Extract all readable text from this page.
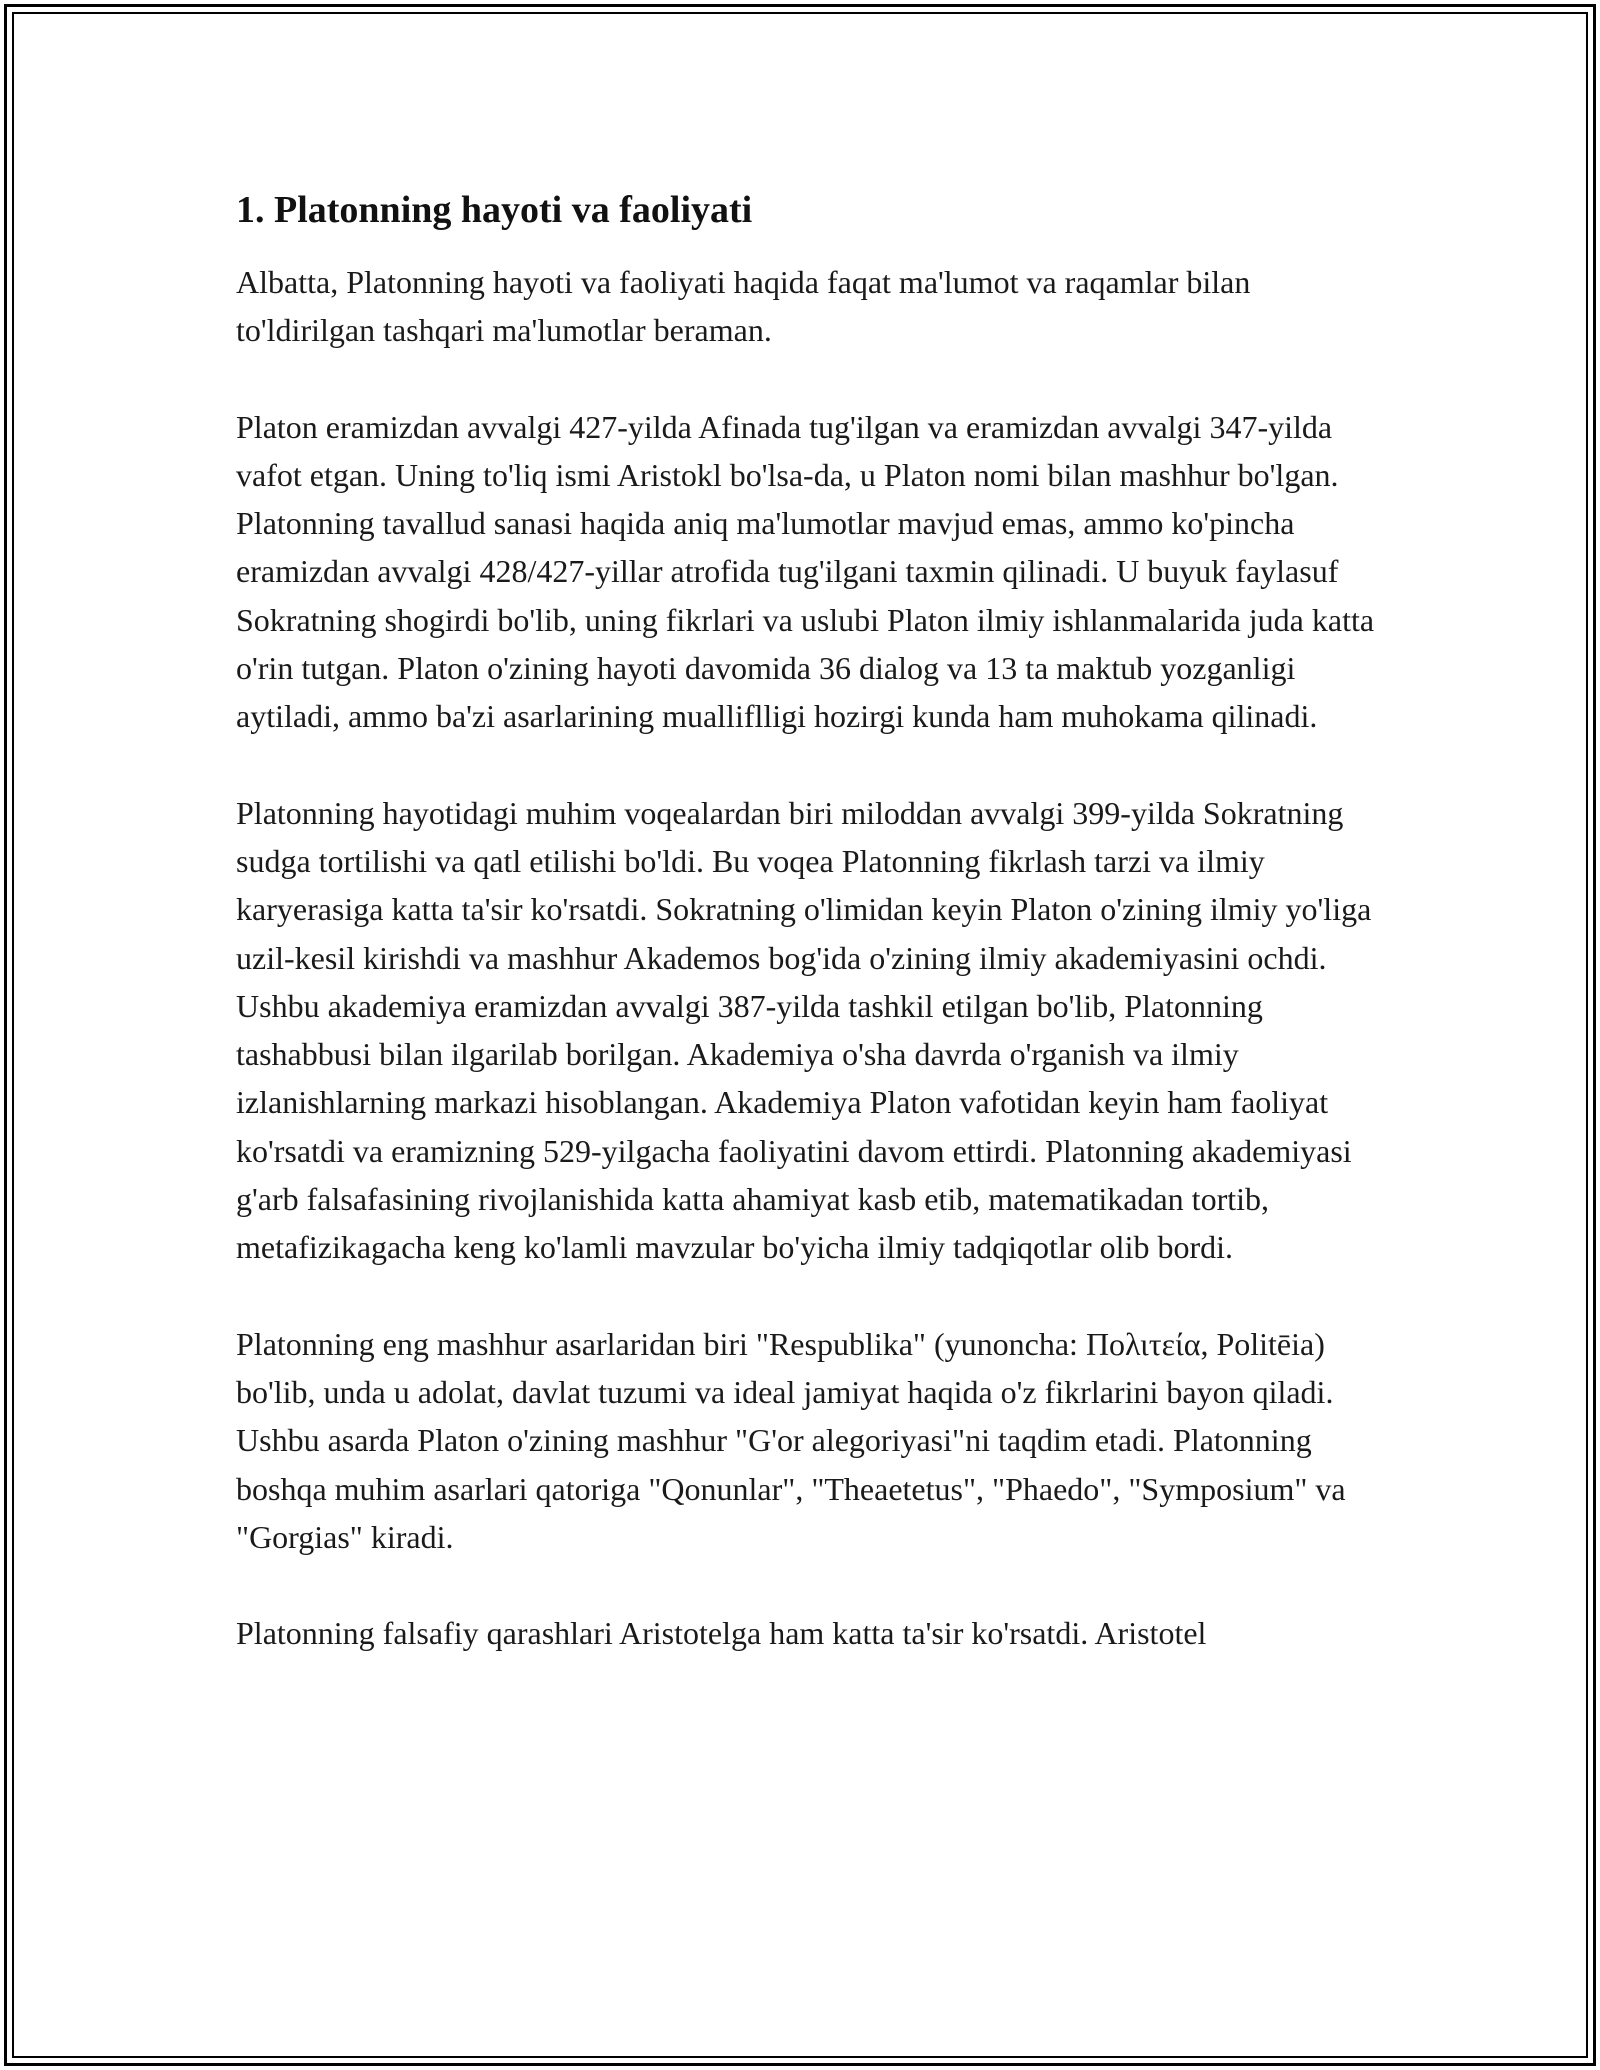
1. Platonning hayoti va faoliyati

Albatta, Platonning hayoti va faoliyati haqida faqat ma'lumot va raqamlar bilan to'ldirilgan tashqari ma'lumotlar beraman.

Platon eramizdan avvalgi 427-yilda Afinada tug'ilgan va eramizdan avvalgi 347-yilda vafot etgan. Uning to'liq ismi Aristokl bo'lsa-da, u Platon nomi bilan mashhur bo'lgan. Platonning tavallud sanasi haqida aniq ma'lumotlar mavjud emas, ammo ko'pincha eramizdan avvalgi 428/427-yillar atrofida tug'ilgani taxmin qilinadi. U buyuk faylasuf Sokratning shogirdi bo'lib, uning fikrlari va uslubi Platon ilmiy ishlanmalarida juda katta o'rin tutgan. Platon o'zining hayoti davomida 36 dialog va 13 ta maktub yozganligi aytiladi, ammo ba'zi asarlarining mualliflligi hozirgi kunda ham muhokama qilinadi.

Platonning hayotidagi muhim voqealardan biri miloddan avvalgi 399-yilda Sokratning sudga tortilishi va qatl etilishi bo'ldi. Bu voqea Platonning fikrlash tarzi va ilmiy karyerasiga katta ta'sir ko'rsatdi. Sokratning o'limidan keyin Platon o'zining ilmiy yo'liga uzil-kesil kirishdi va mashhur Akademos bog'ida o'zining ilmiy akademiyasini ochdi. Ushbu akademiya eramizdan avvalgi 387-yilda tashkil etilgan bo'lib, Platonning tashabbusi bilan ilgarilab borilgan. Akademiya o'sha davrda o'rganish va ilmiy izlanishlarning markazi hisoblangan. Akademiya Platon vafotidan keyin ham faoliyat ko'rsatdi va eramizning 529-yilgacha faoliyatini davom ettirdi. Platonning akademiyasi g'arb falsafasining rivojlanishida katta ahamiyat kasb etib, matematikadan tortib, metafizikagacha keng ko'lamli mavzular bo'yicha ilmiy tadqiqotlar olib bordi.

Platonning eng mashhur asarlaridan biri "Respublika" (yunoncha: Πολιτεία, Politēia) bo'lib, unda u adolat, davlat tuzumi va ideal jamiyat haqida o'z fikrlarini bayon qiladi. Ushbu asarda Platon o'zining mashhur "G'or alegoriyasi"ni taqdim etadi. Platonning boshqa muhim asarlari qatoriga "Qonunlar", "Theaetetus", "Phaedo", "Symposium" va "Gorgias" kiradi.

Platonning falsafiy qarashlari Aristotelga ham katta ta'sir ko'rsatdi. Aristotel
